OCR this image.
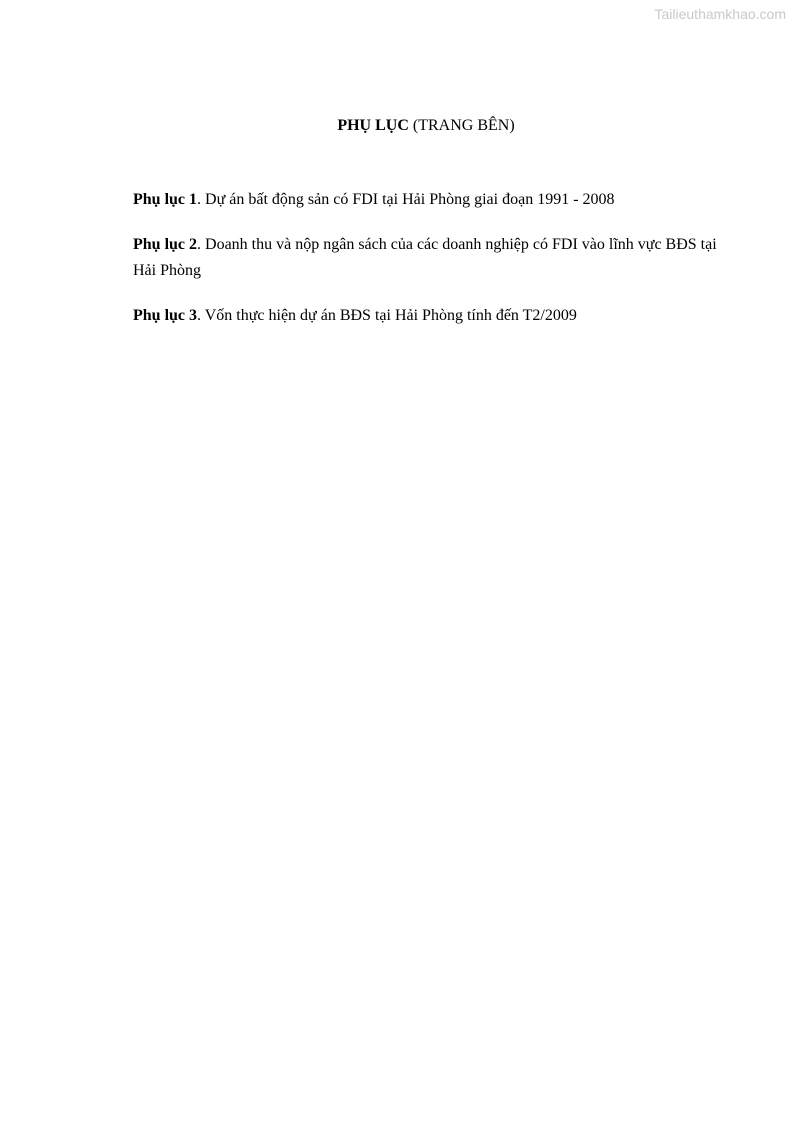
Tailieuthamkhao.com
PHỤ LỤC (TRANG BÊN)

Phụ lục 1. Dự án bất động sản có FDI tại Hải Phòng giai đoạn 1991 - 2008

Phụ lục 2. Doanh thu và nộp ngân sách của các doanh nghiệp có FDI vào lĩnh vực BĐS tại Hải Phòng

Phụ lục 3. Vốn thực hiện dự án BĐS tại Hải Phòng tính đến T2/2009
